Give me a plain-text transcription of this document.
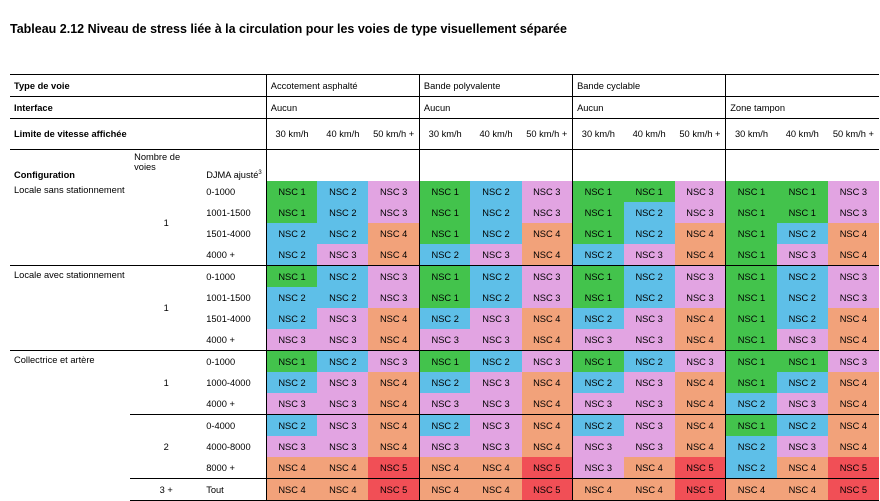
Tableau 2.12 Niveau de stress liée à la circulation pour les voies de type visuellement séparée
Type de voie			Accotement asphalté			Bande polyvalente			Bande cyclable					
Interface			Aucun			Aucun			Aucun			Zone tampon		
Limite de vitesse affichée			30 km/h	40 km/h	50 km/h +	30 km/h	40 km/h	50 km/h +	30 km/h	40 km/h	50 km/h +	30 km/h	40 km/h	50 km/h +
Configuration	Nombre de voies	DJMA ajusté$^3$				
Locale sans stationnement	1	0-1000	NSC 1	NSC 2	NSC 3	NSC 1	NSC 2	NSC 3	NSC 1	NSC 1	NSC 3	NSC 1	NSC 1	NSC 3
		1001-1500	NSC 1	NSC 2	NSC 3	NSC 1	NSC 2	NSC 3	NSC 1	NSC 2	NSC 3	NSC 1	NSC 1	NSC 3
		1501-4000	NSC 2	NSC 2	NSC 4	NSC 1	NSC 2	NSC 4	NSC 1	NSC 2	NSC 4	NSC 1	NSC 2	NSC 4
		4000 +	NSC 2	NSC 3	NSC 4	NSC 2	NSC 3	NSC 4	NSC 2	NSC 3	NSC 4	NSC 1	NSC 3	NSC 4
Locale avec stationnement	1	0-1000	NSC 1	NSC 2	NSC 3	NSC 1	NSC 2	NSC 3	NSC 1	NSC 2	NSC 3	NSC 1	NSC 2	NSC 3
		1001-1500	NSC 2	NSC 2	NSC 3	NSC 1	NSC 2	NSC 3	NSC 1	NSC 2	NSC 3	NSC 1	NSC 2	NSC 3
		1501-4000	NSC 2	NSC 3	NSC 4	NSC 2	NSC 3	NSC 4	NSC 2	NSC 3	NSC 4	NSC 1	NSC 2	NSC 4
		4000 +	NSC 3	NSC 3	NSC 4	NSC 3	NSC 3	NSC 4	NSC 3	NSC 3	NSC 4	NSC 1	NSC 3	NSC 4
Collectrice et artère	1	0-1000	NSC 1	NSC 2	NSC 3	NSC 1	NSC 2	NSC 3	NSC 1	NSC 2	NSC 3	NSC 1	NSC 1	NSC 3
		1000-4000	NSC 2	NSC 3	NSC 4	NSC 2	NSC 3	NSC 4	NSC 2	NSC 3	NSC 4	NSC 1	NSC 2	NSC 4
		4000 +	NSC 3	NSC 3	NSC 4	NSC 3	NSC 3	NSC 4	NSC 3	NSC 3	NSC 4	NSC 2	NSC 3	NSC 4
	2	0-4000	NSC 2	NSC 3	NSC 4	NSC 2	NSC 3	NSC 4	NSC 2	NSC 3	NSC 4	NSC 1	NSC 2	NSC 4
		4000-8000	NSC 3	NSC 3	NSC 4	NSC 3	NSC 3	NSC 4	NSC 3	NSC 3	NSC 4	NSC 2	NSC 3	NSC 4
		8000 +	NSC 4	NSC 4	NSC 5	NSC 4	NSC 4	NSC 5	NSC 3	NSC 4	NSC 5	NSC 2	NSC 4	NSC 5
	3 +	Tout	NSC 4	NSC 4	NSC 5	NSC 4	NSC 4	NSC 5	NSC 4	NSC 4	NSC 5	NSC 4	NSC 4	NSC 5
